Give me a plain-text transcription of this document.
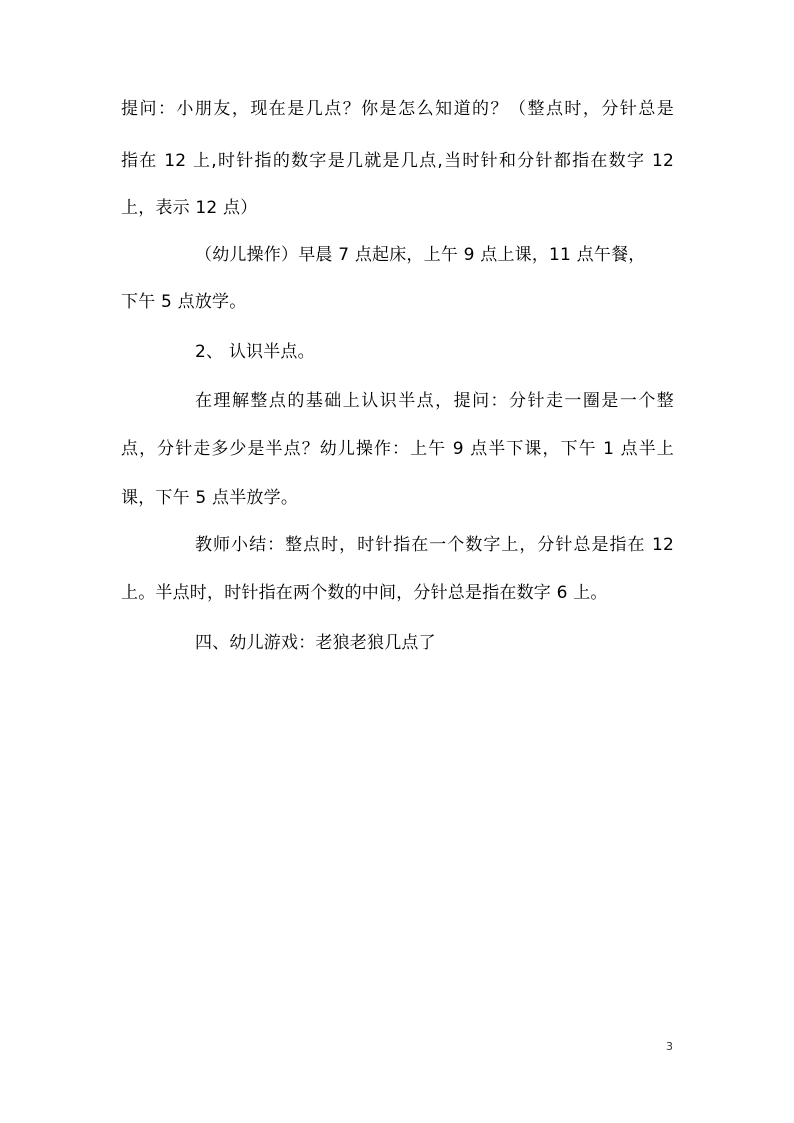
提问：小朋友，现在是几点？你是怎么知道的？（整点时，分针总是
指在 12 上,时针指的数字是几就是几点,当时针和分针都指在数字 12
上，表示 12 点）
（幼儿操作）早晨 7 点起床，上午 9 点上课，11 点午餐，
下午 5 点放学。
2、 认识半点。
在理解整点的基础上认识半点，提问：分针走一圈是一个整
点，分针走多少是半点？幼儿操作：上午 9 点半下课，下午 1 点半上
课，下午 5 点半放学。
教师小结：整点时，时针指在一个数字上，分针总是指在 12
上。半点时，时针指在两个数的中间，分针总是指在数字 6 上。
四、幼儿游戏：老狼老狼几点了
3
